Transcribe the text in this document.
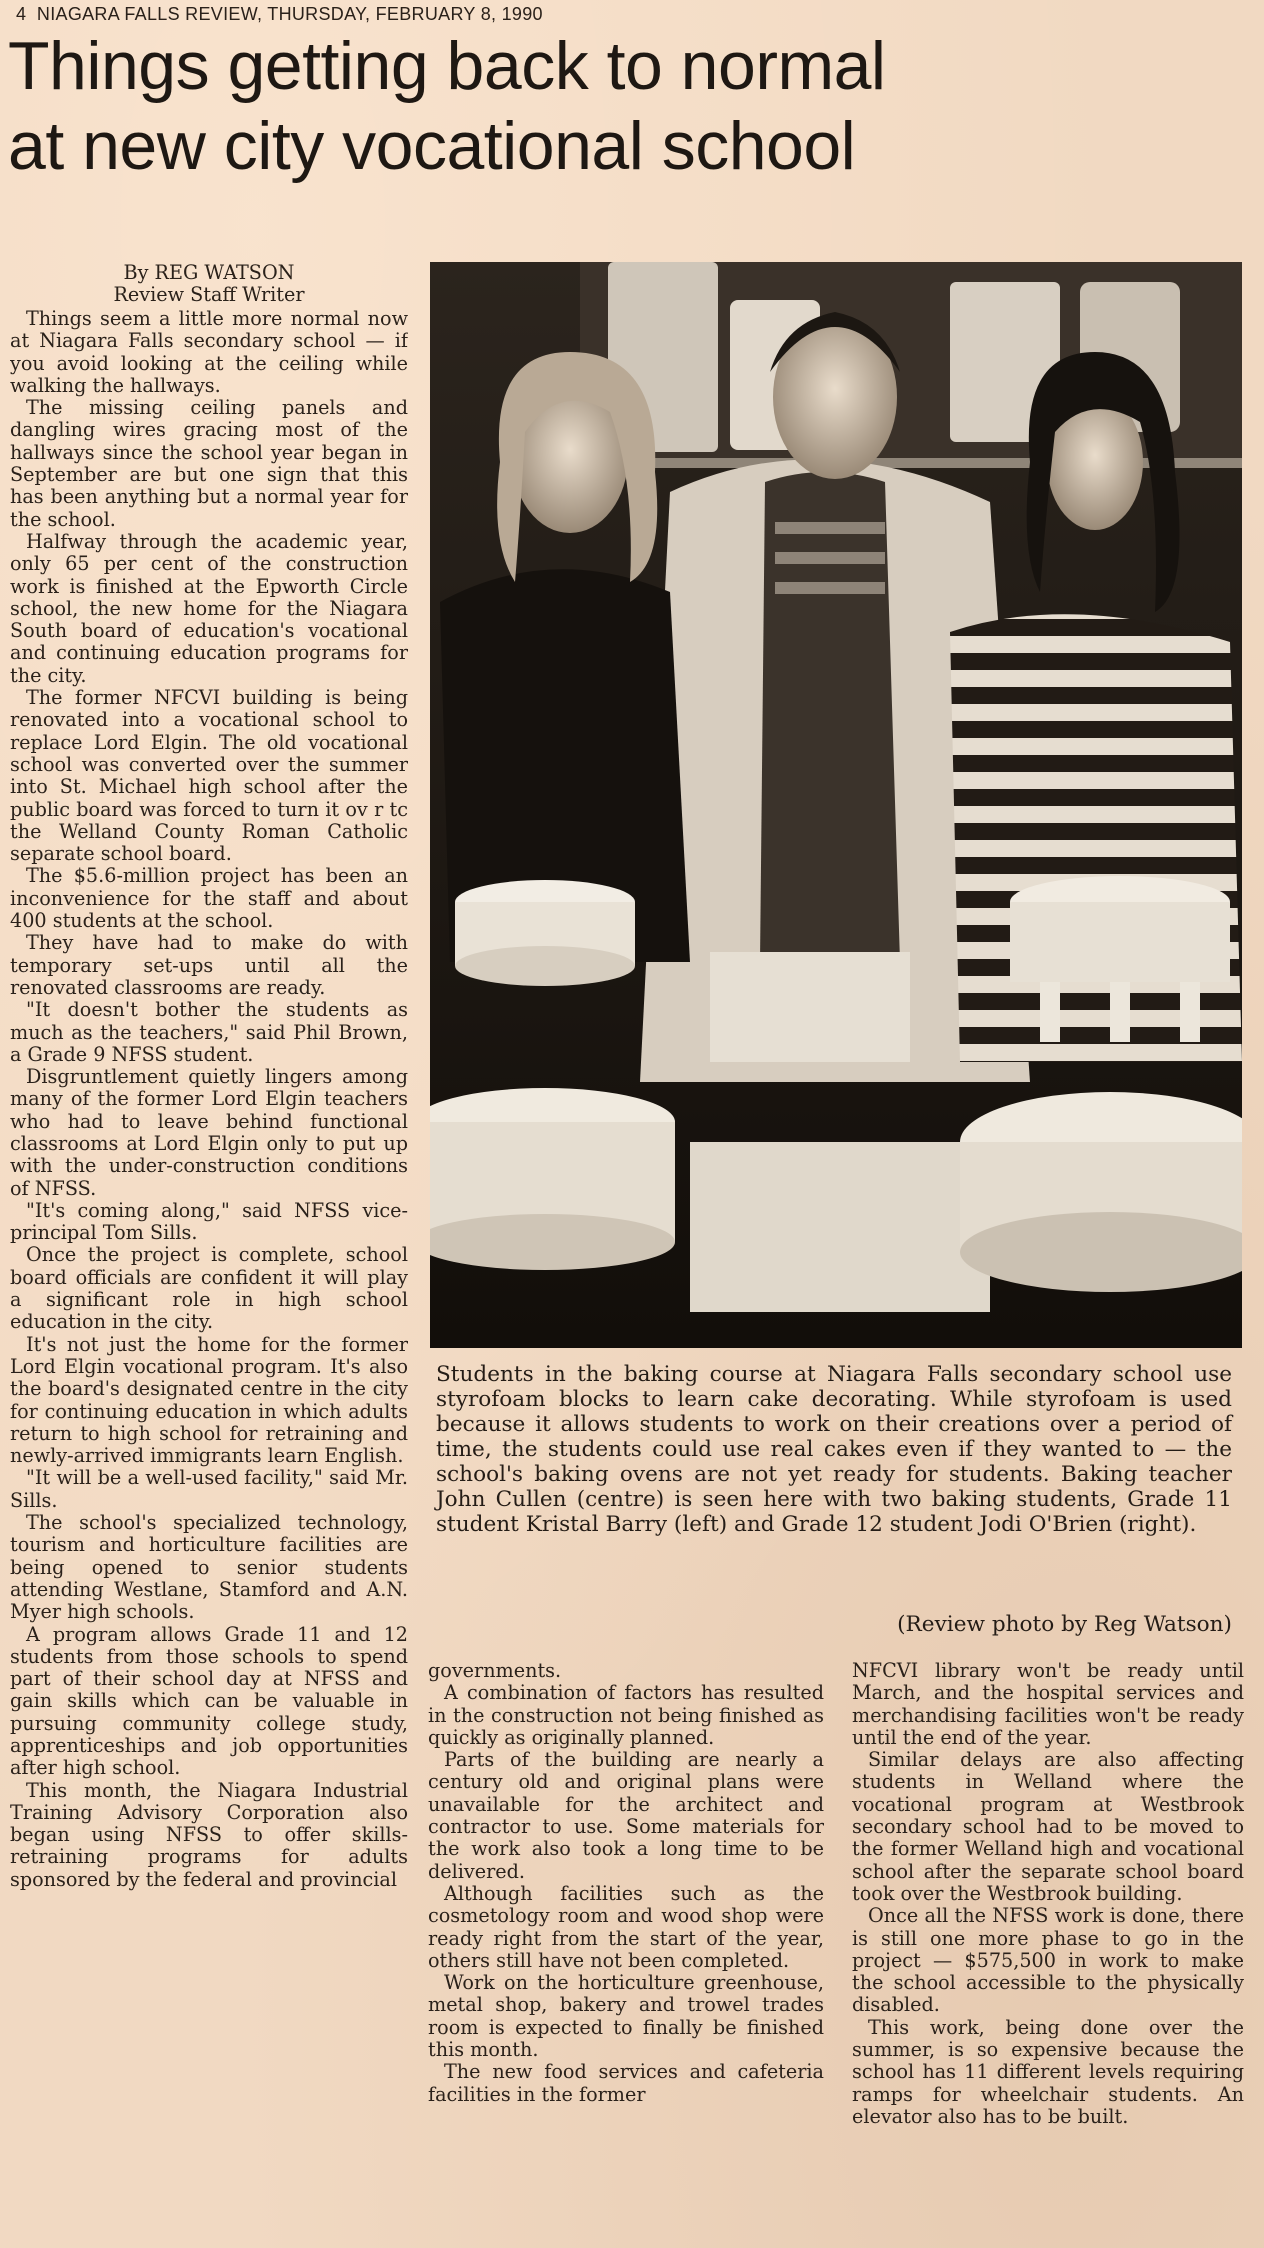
4 NIAGARA FALLS REVIEW, THURSDAY, FEBRUARY 8, 1990
Things getting back to normal
at new city vocational school
By REG WATSON
Review Staff Writer

Things seem a little more normal now at Niagara Falls secondary school — if you avoid looking at the ceiling while walking the hallways.

The missing ceiling panels and dangling wires gracing most of the hallways since the school year began in September are but one sign that this has been anything but a normal year for the school.

Halfway through the academic year, only 65 per cent of the construction work is finished at the Epworth Circle school, the new home for the Niagara South board of education's vocational and continuing education programs for the city.

The former NFCVI building is being renovated into a vocational school to replace Lord Elgin. The old vocational school was converted over the summer into St. Michael high school after the public board was forced to turn it ov r tc the Welland County Roman Catholic separate school board.

The $5.6-million project has been an inconvenience for the staff and about 400 students at the school.

They have had to make do with temporary set-ups until all the renovated classrooms are ready.

"It doesn't bother the students as much as the teachers," said Phil Brown, a Grade 9 NFSS student.

Disgruntlement quietly lingers among many of the former Lord Elgin teachers who had to leave behind functional classrooms at Lord Elgin only to put up with the under-construction conditions of NFSS.

"It's coming along," said NFSS vice-principal Tom Sills.

Once the project is complete, school board officials are confident it will play a significant role in high school education in the city.

It's not just the home for the former Lord Elgin vocational program. It's also the board's designated centre in the city for continuing education in which adults return to high school for retraining and newly-arrived immigrants learn English.

"It will be a well-used facility," said Mr. Sills.

The school's specialized technology, tourism and horticulture facilities are being opened to senior students attending Westlane, Stamford and A.N. Myer high schools.

A program allows Grade 11 and 12 students from those schools to spend part of their school day at NFSS and gain skills which can be valuable in pursuing community college study, apprenticeships and job opportunities after high school.

This month, the Niagara Industrial Training Advisory Corporation also began using NFSS to offer skills-retraining programs for adults sponsored by the federal and provincial

Students in the baking course at Niagara Falls secondary school use styrofoam blocks to learn cake decorating. While styrofoam is used because it allows students to work on their creations over a period of time, the students could use real cakes even if they wanted to — the school's baking ovens are not yet ready for students. Baking teacher John Cullen (centre) is seen here with two baking students, Grade 11 student Kristal Barry (left) and Grade 12 student Jodi O'Brien (right).
(Review photo by Reg Watson)

governments.

A combination of factors has resulted in the construction not being finished as quickly as originally planned.

Parts of the building are nearly a century old and original plans were unavailable for the architect and contractor to use. Some materials for the work also took a long time to be delivered.

Although facilities such as the cosmetology room and wood shop were ready right from the start of the year, others still have not been completed.

Work on the horticulture greenhouse, metal shop, bakery and trowel trades room is expected to finally be finished this month.

The new food services and cafeteria facilities in the former

NFCVI library won't be ready until March, and the hospital services and merchandising facilities won't be ready until the end of the year.

Similar delays are also affecting students in Welland where the vocational program at Westbrook secondary school had to be moved to the former Welland high and vocational school after the separate school board took over the Westbrook building.

Once all the NFSS work is done, there is still one more phase to go in the project — $575,500 in work to make the school accessible to the physically disabled.

This work, being done over the summer, is so expensive because the school has 11 different levels requiring ramps for wheelchair students. An elevator also has to be built.
